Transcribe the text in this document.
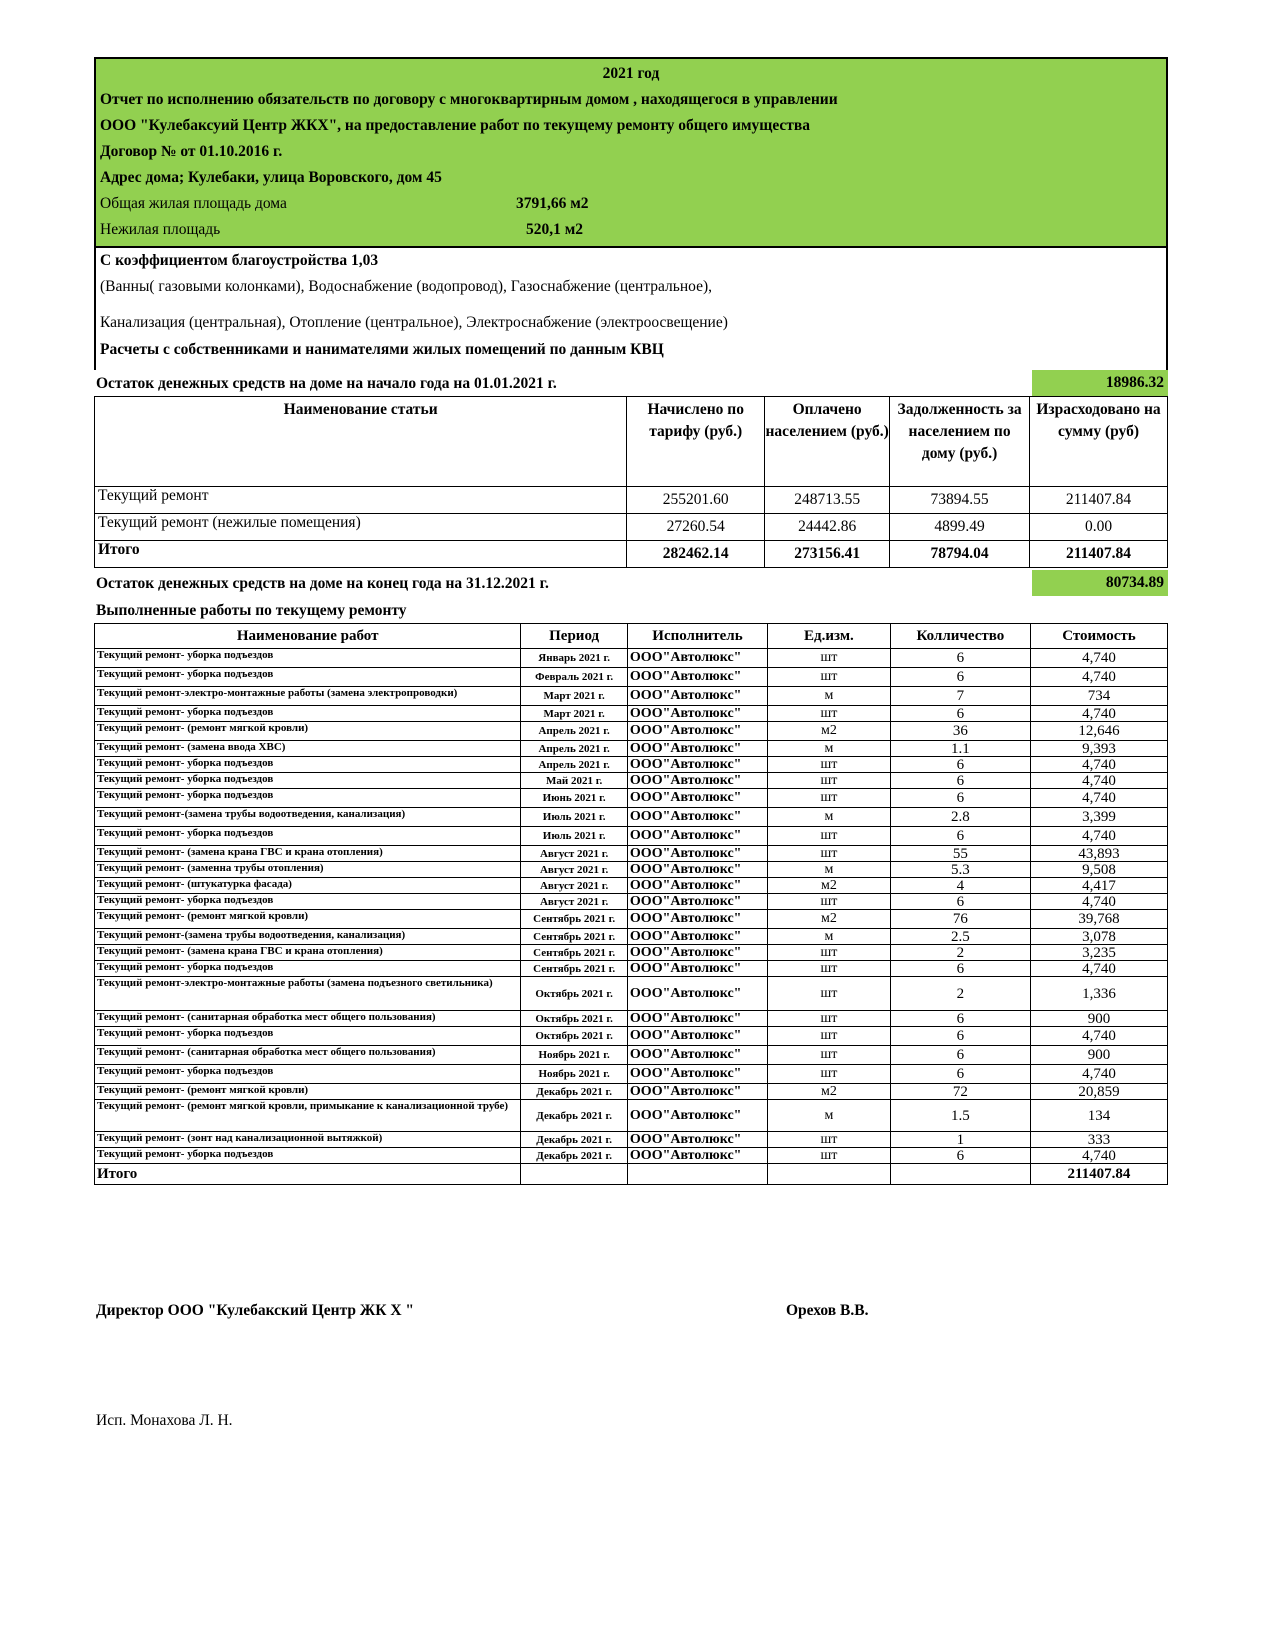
2021 год
Отчет по исполнению обязательств по договору с многоквартирным домом , находящегося в управлении
ООО "Кулебаксуий Центр ЖКХ", на предоставление работ по текущему ремонту общего имущества
Договор № от 01.10.2016 г.
Адрес дома; Кулебаки, улица Воровского, дом 45
Общая жилая площадь дома	3791,66 м2
Нежилая площадь	520,1 м2
С коэффициентом благоустройства 1,03
(Ванны( газовыми колонками), Водоснабжение (водопровод), Газоснабжение (центральное),
Канализация (центральная), Отопление (центральное), Электроснабжение (электроосвещение)
Расчеты с собственниками и нанимателями жилых помещений по данным КВЦ
Остаток денежных средств на доме на начало года на 01.01.2021 г.	18986.32
Наименование статьи	Начислено по тарифу (руб.)	Оплачено населением (руб.)	Задолженность за населением по дому (руб.)	Израсходовано на сумму (руб)
Текущий ремонт	255201.60	248713.55	73894.55	211407.84
Текущий ремонт (нежилые помещения)	27260.54	24442.86	4899.49	0.00
Итого	282462.14	273156.41	78794.04	211407.84
Остаток денежных средств на доме на конец года на 31.12.2021 г.	80734.89
Выполненные работы по текущему ремонту
Наименование работ	Период	Исполнитель	Ед.изм.	Колличество	Стоимость
Текущий ремонт- уборка подъездов	Январь 2021 г.	ООО"Автолюкс"	шт	6	4,740
Текущий ремонт- уборка подъездов	Февраль 2021 г.	ООО"Автолюкс"	шт	6	4,740
Текущий ремонт-электро-монтажные работы (замена электропроводки)	Март 2021 г.	ООО"Автолюкс"	м	7	734
Текущий ремонт- уборка подъездов	Март 2021 г.	ООО"Автолюкс"	шт	6	4,740
Текущий ремонт- (ремонт мягкой кровли)	Апрель 2021 г.	ООО"Автолюкс"	м2	36	12,646
Текущий ремонт- (замена ввода ХВС)	Апрель 2021 г.	ООО"Автолюкс"	м	1.1	9,393
Текущий ремонт- уборка подъездов	Апрель 2021 г.	ООО"Автолюкс"	шт	6	4,740
Текущий ремонт- уборка подъездов	Май 2021 г.	ООО"Автолюкс"	шт	6	4,740
Текущий ремонт- уборка подъездов	Июнь 2021 г.	ООО"Автолюкс"	шт	6	4,740
Текущий ремонт-(замена трубы водоотведения, канализация)	Июль 2021 г.	ООО"Автолюкс"	м	2.8	3,399
Текущий ремонт- уборка подъездов	Июль 2021 г.	ООО"Автолюкс"	шт	6	4,740
Текущий ремонт- (замена крана ГВС и крана отопления)	Август 2021 г.	ООО"Автолюкс"	шт	55	43,893
Текущий ремонт- (заменна трубы отопления)	Август 2021 г.	ООО"Автолюкс"	м	5.3	9,508
Текущий ремонт- (штукатурка фасада)	Август 2021 г.	ООО"Автолюкс"	м2	4	4,417
Текущий ремонт- уборка подъездов	Август 2021 г.	ООО"Автолюкс"	шт	6	4,740
Текущий ремонт- (ремонт мягкой кровли)	Сентябрь 2021 г.	ООО"Автолюкс"	м2	76	39,768
Текущий ремонт-(замена трубы водоотведения, канализация)	Сентябрь 2021 г.	ООО"Автолюкс"	м	2.5	3,078
Текущий ремонт- (замена крана ГВС и крана отопления)	Сентябрь 2021 г.	ООО"Автолюкс"	шт	2	3,235
Текущий ремонт- уборка подъездов	Сентябрь 2021 г.	ООО"Автолюкс"	шт	6	4,740
Текущий ремонт-электро-монтажные работы (замена подъезного светильника)	Октябрь 2021 г.	ООО"Автолюкс"	шт	2	1,336
Текущий ремонт- (санитарная обработка мест общего пользования)	Октябрь 2021 г.	ООО"Автолюкс"	шт	6	900
Текущий ремонт- уборка подъездов	Октябрь 2021 г.	ООО"Автолюкс"	шт	6	4,740
Текущий ремонт- (санитарная обработка мест общего пользования)	Ноябрь 2021 г.	ООО"Автолюкс"	шт	6	900
Текущий ремонт- уборка подъездов	Ноябрь 2021 г.	ООО"Автолюкс"	шт	6	4,740
Текущий ремонт- (ремонт мягкой кровли)	Декабрь 2021 г.	ООО"Автолюкс"	м2	72	20,859
Текущий ремонт- (ремонт мягкой кровли, примыкание к канализационной трубе)	Декабрь 2021 г.	ООО"Автолюкс"	м	1.5	134
Текущий ремонт- (зонт над канализационной вытяжкой)	Декабрь 2021 г.	ООО"Автолюкс"	шт	1	333
Текущий ремонт- уборка подъездов	Декабрь 2021 г.	ООО"Автолюкс"	шт	6	4,740
Итого					211407.84
Директор ООО "Кулебакский Центр ЖК Х "	Орехов В.В.
Исп. Монахова Л. Н.
